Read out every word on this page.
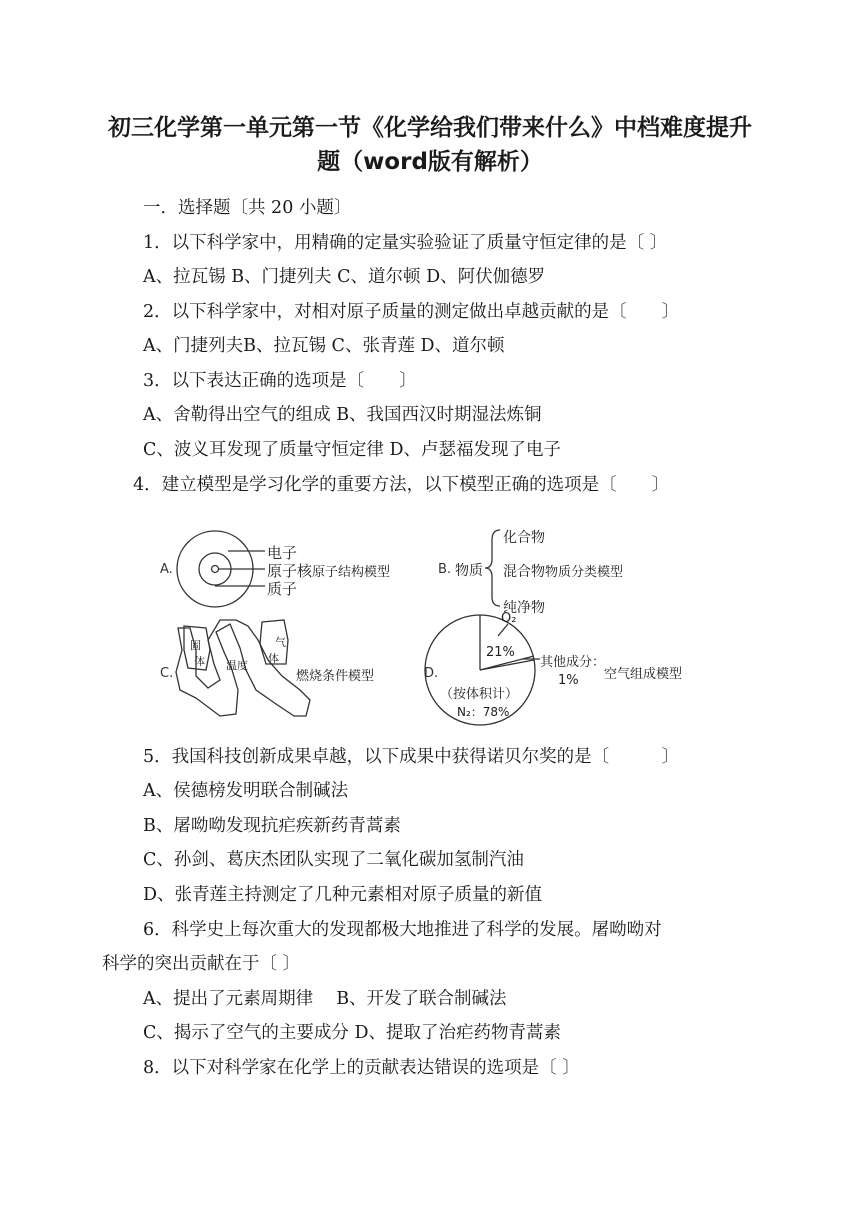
初三化学第一单元第一节《化学给我们带来什么》中档难度提升
题（word版有解析）
一．选择题〔共 20 小题〕
1．以下科学家中，用精确的定量实验验证了质量守恒定律的是〔 〕
A、拉瓦锡 B、门捷列夫 C、道尔顿 D、阿伏伽德罗
2．以下科学家中，对相对原子质量的测定做出卓越贡献的是〔　　〕
A、门捷列夫B、拉瓦锡 C、张青莲 D、道尔顿
3．以下表达正确的选项是〔　　〕
A、舍勒得出空气的组成 B、我国西汉时期湿法炼铜
C、波义耳发现了质量守恒定律 D、卢瑟福发现了电子
4．建立模型是学习化学的重要方法，以下模型正确的选项是〔　　〕
A.
电子
原子核
质子
原子结构模型	B. 物质
化合物
混合物 物质分类模型
纯净物
C.
固
体
气
体
温度
燃烧条件模型	D.
O₂
21%
其他成分：
1% 空气组成模型
（按体积计）
N₂：78%
5．我国科技创新成果卓越，以下成果中获得诺贝尔奖的是〔　　　〕
A、侯德榜发明联合制碱法
B、屠呦呦发现抗疟疾新药青蒿素
C、孙剑、葛庆杰团队实现了二氧化碳加氢制汽油
D、张青莲主持测定了几种元素相对原子质量的新值
6．科学史上每次重大的发现都极大地推进了科学的发展。屠呦呦对
科学的突出贡献在于〔 〕
A、提出了元素周期律　 B、开发了联合制碱法
C、揭示了空气的主要成分 D、提取了治疟药物青蒿素
8．以下对科学家在化学上的贡献表达错误的选项是〔 〕
